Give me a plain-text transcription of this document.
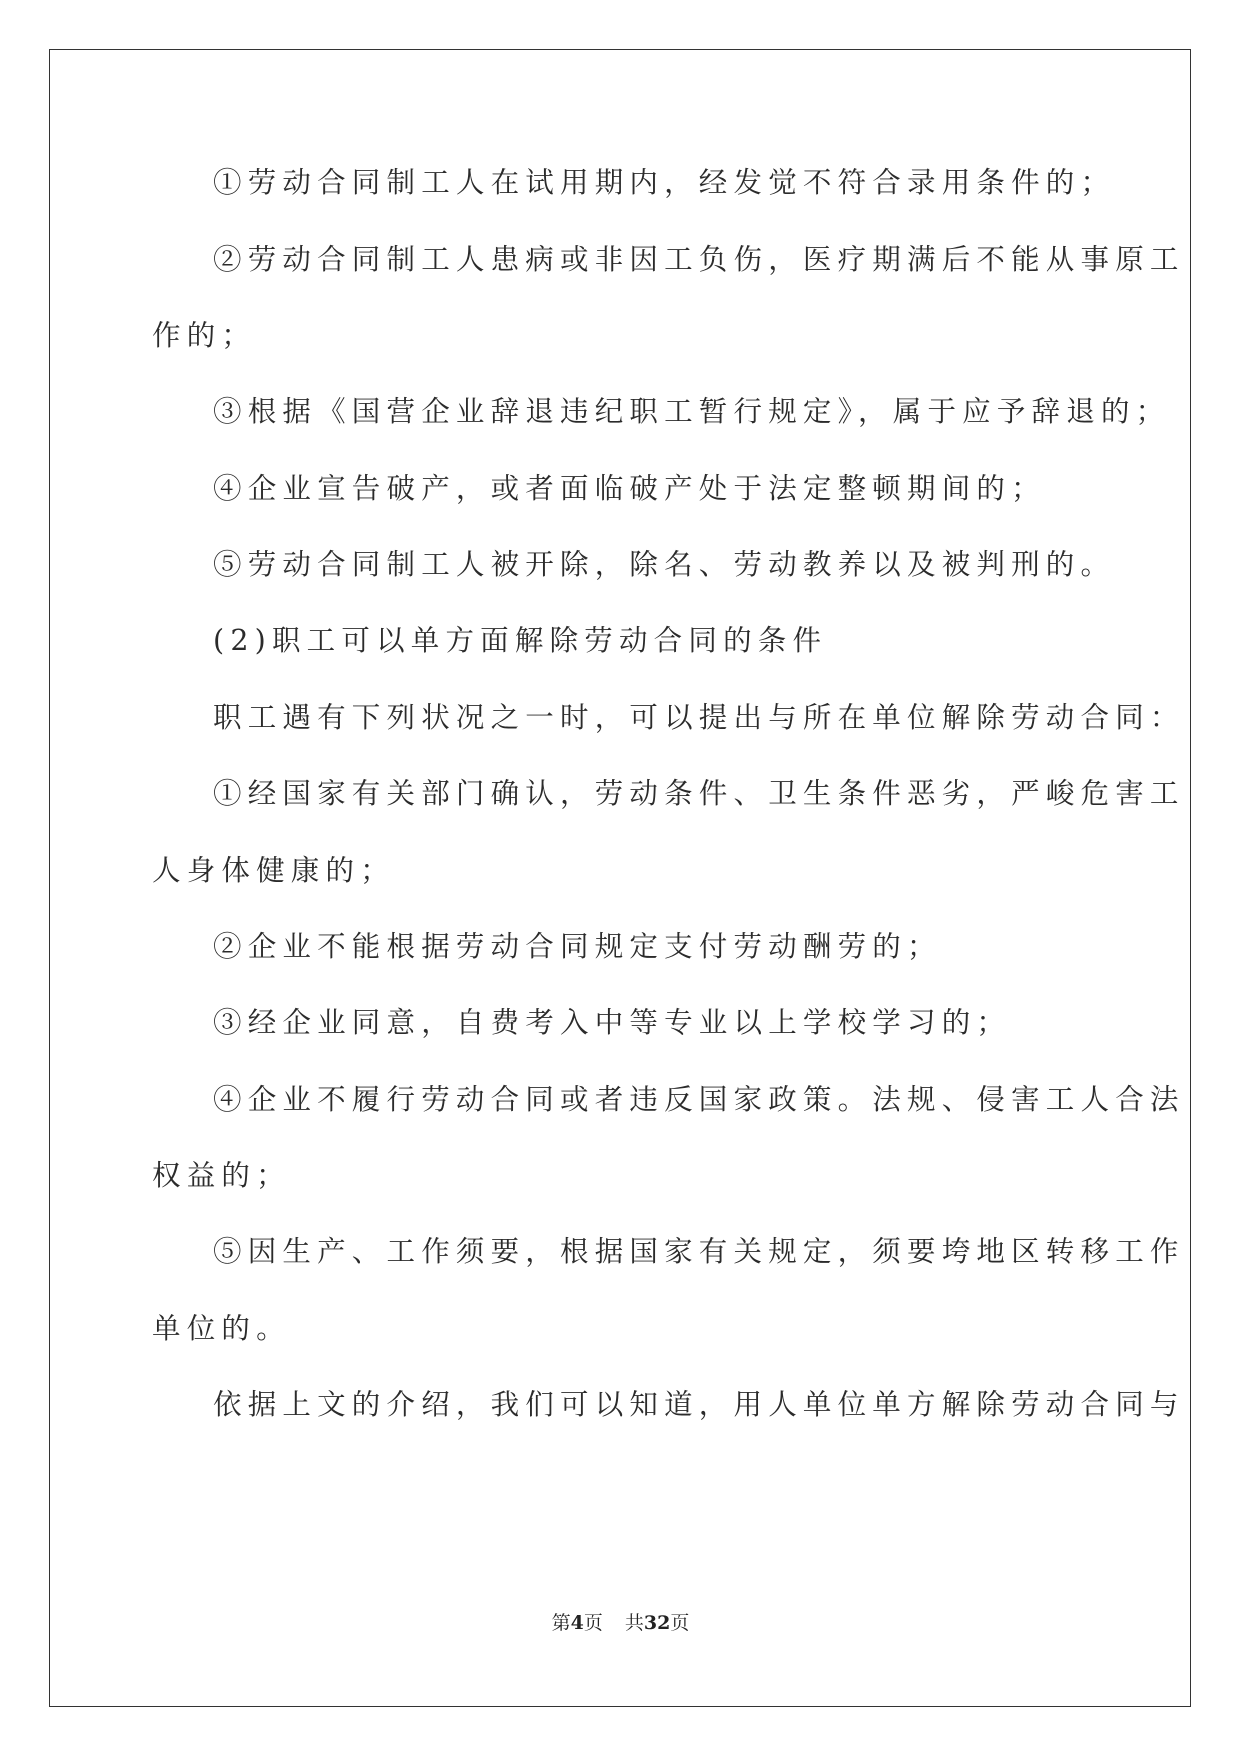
①劳动合同制工人在试用期内，经发觉不符合录用条件的；
②劳动合同制工人患病或非因工负伤，医疗期满后不能从事原工
作的；
③根据《国营企业辞退违纪职工暂行规定》，属于应予辞退的；
④企业宣告破产，或者面临破产处于法定整顿期间的；
⑤劳动合同制工人被开除，除名、劳动教养以及被判刑的。
(2)职工可以单方面解除劳动合同的条件
职工遇有下列状况之一时，可以提出与所在单位解除劳动合同：
①经国家有关部门确认，劳动条件、卫生条件恶劣，严峻危害工
人身体健康的；
②企业不能根据劳动合同规定支付劳动酬劳的；
③经企业同意，自费考入中等专业以上学校学习的；
④企业不履行劳动合同或者违反国家政策。法规、侵害工人合法
权益的；
⑤因生产、工作须要，根据国家有关规定，须要垮地区转移工作
单位的。
依据上文的介绍，我们可以知道，用人单位单方解除劳动合同与
第4页 共32页
